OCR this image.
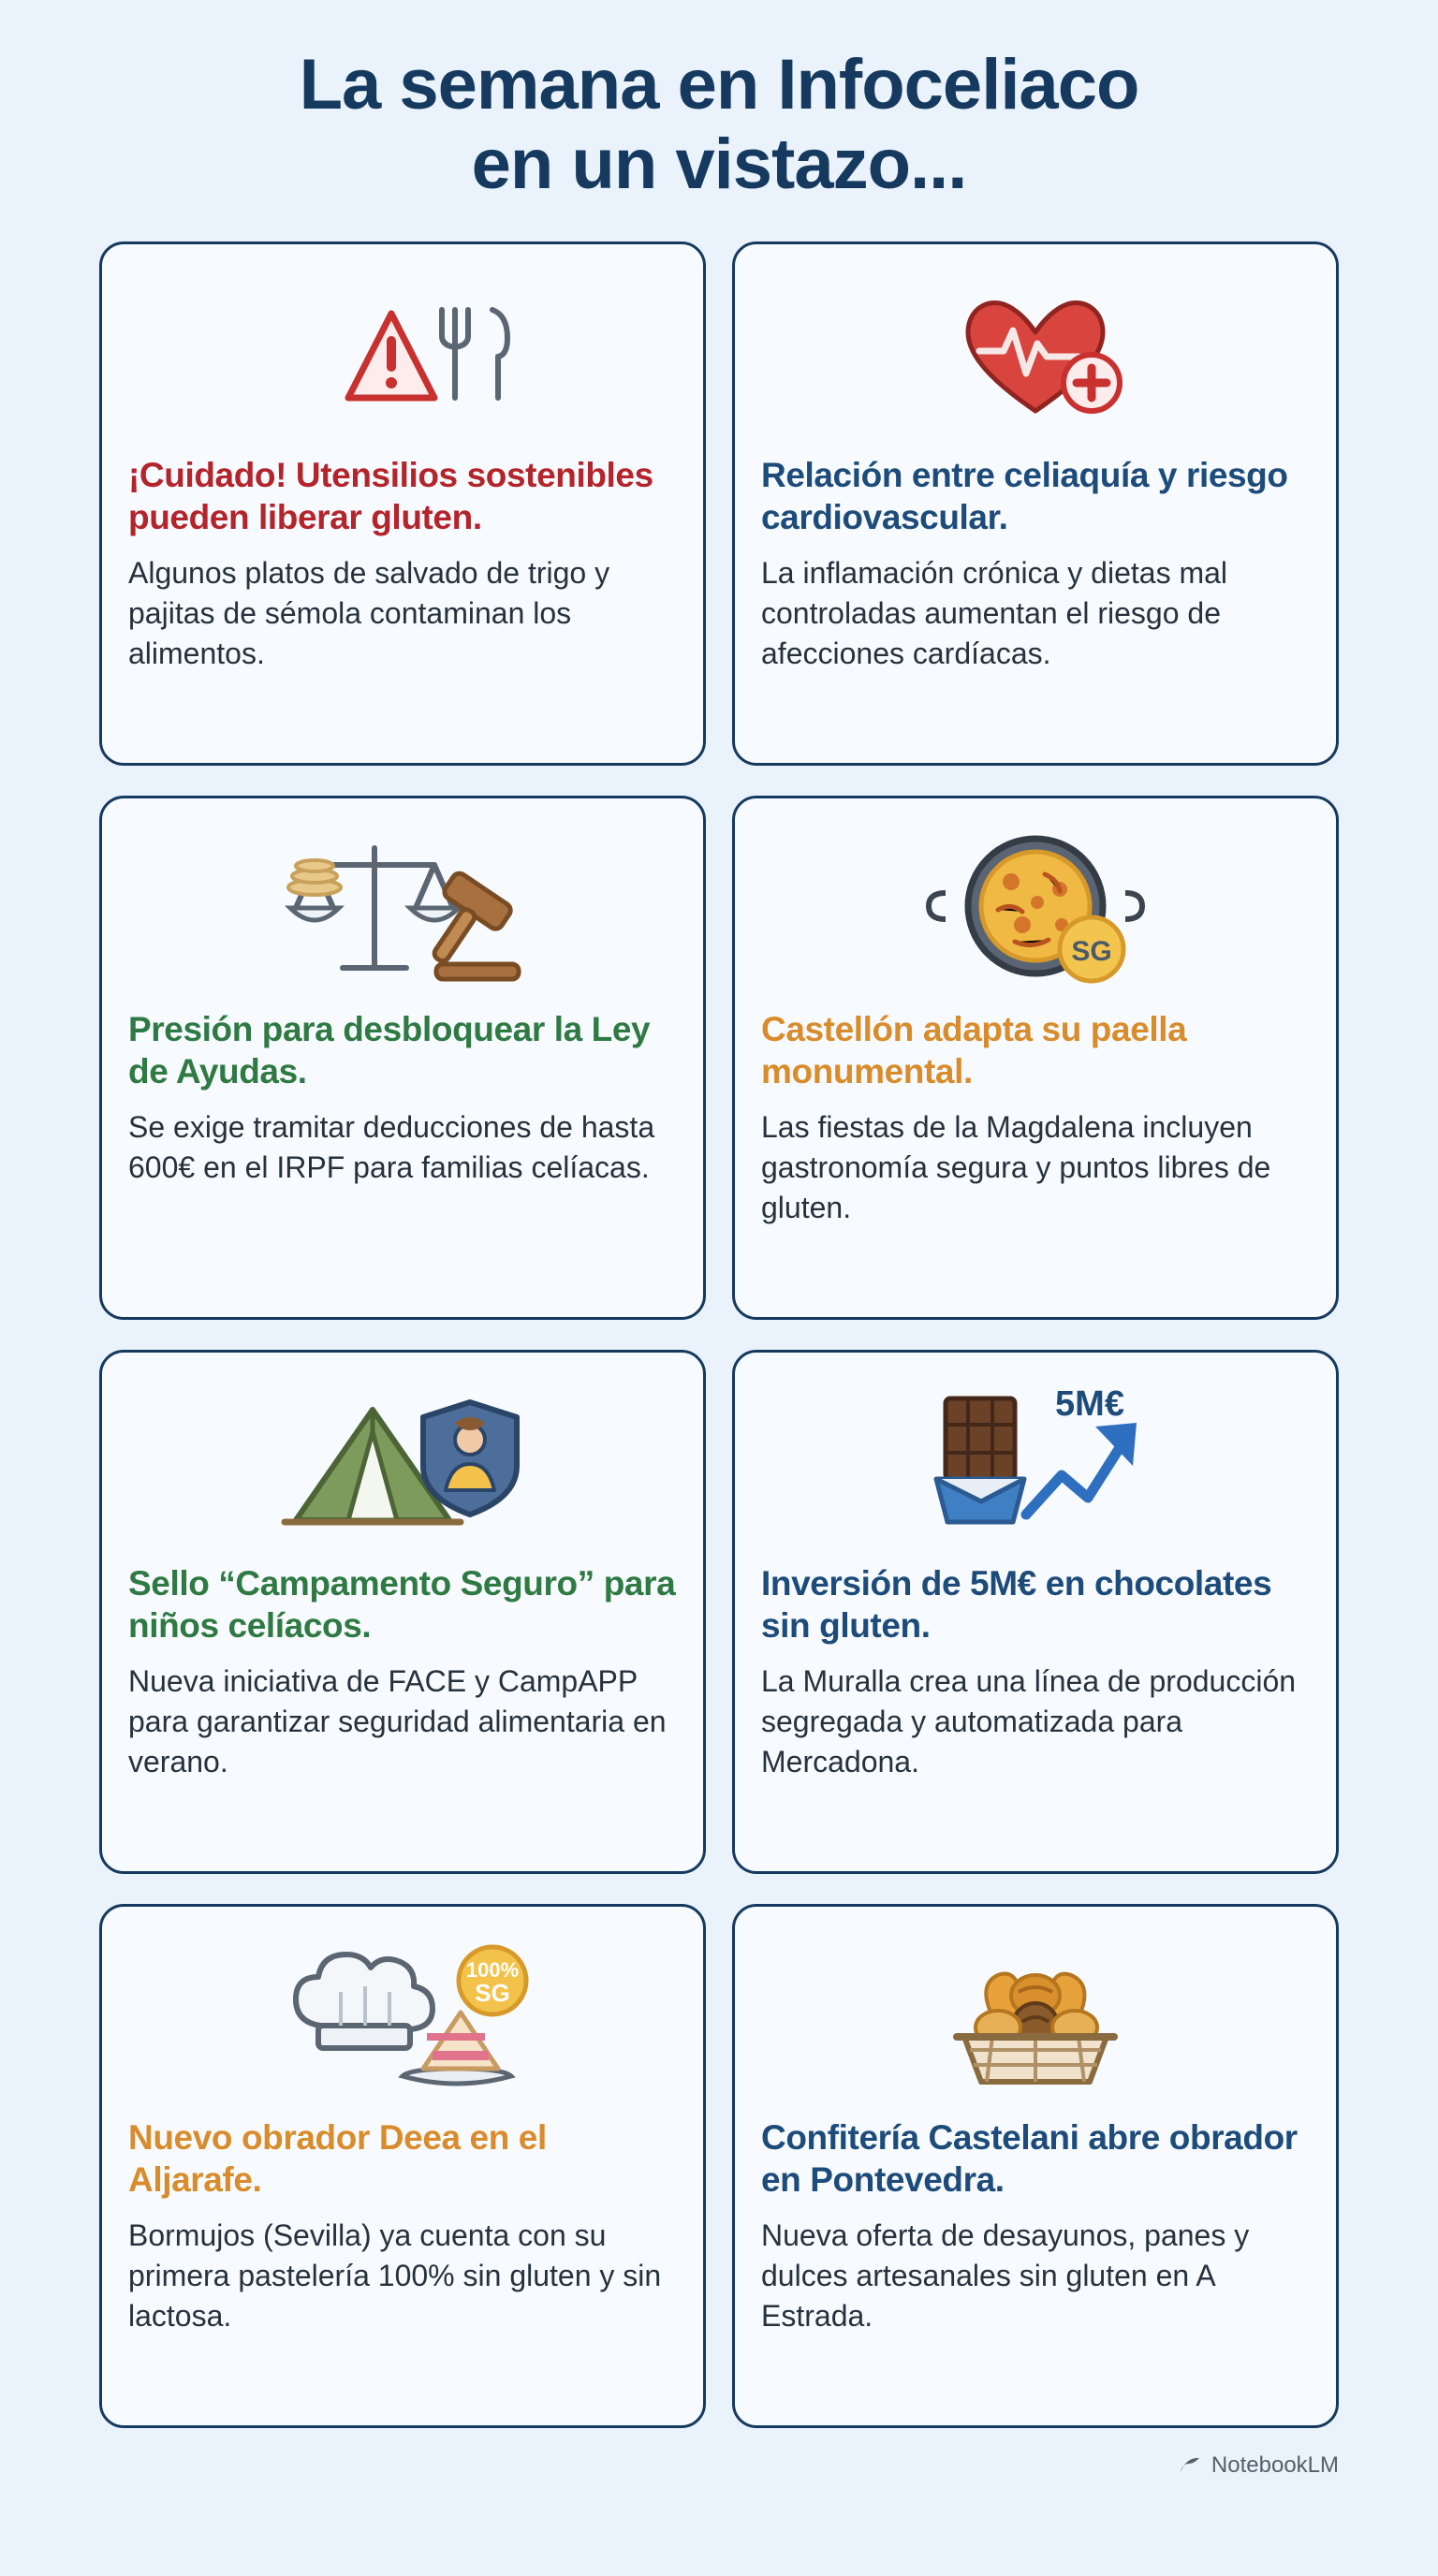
La semana en Infoceliaco
en un vistazo...
¡Cuidado! Utensilios sostenibles pueden liberar gluten.
Algunos platos de salvado de trigo y pajitas de sémola contaminan los alimentos.
Relación entre celiaquía y riesgo cardiovascular.
La inflamación crónica y dietas mal controladas aumentan el riesgo de afecciones cardíacas.
Presión para desbloquear la Ley de Ayudas.
Se exige tramitar deducciones de hasta 600€ en el IRPF para familias celíacas.
SG
Castellón adapta su paella monumental.
Las fiestas de la Magdalena incluyen gastronomía segura y puntos libres de gluten.
Sello “Campamento Seguro” para niños celíacos.
Nueva iniciativa de FACE y CampAPP para garantizar seguridad alimentaria en verano.
5M€
Inversión de 5M€ en chocolates sin gluten.
La Muralla crea una línea de producción segregada y automatizada para Mercadona.
100%
SG
Nuevo obrador Deea en el Aljarafe.
Bormujos (Sevilla) ya cuenta con su primera pastelería 100% sin gluten y sin lactosa.
Confitería Castelani abre obrador en Pontevedra.
Nueva oferta de desayunos, panes y dulces artesanales sin gluten en A Estrada.
NotebookLM
